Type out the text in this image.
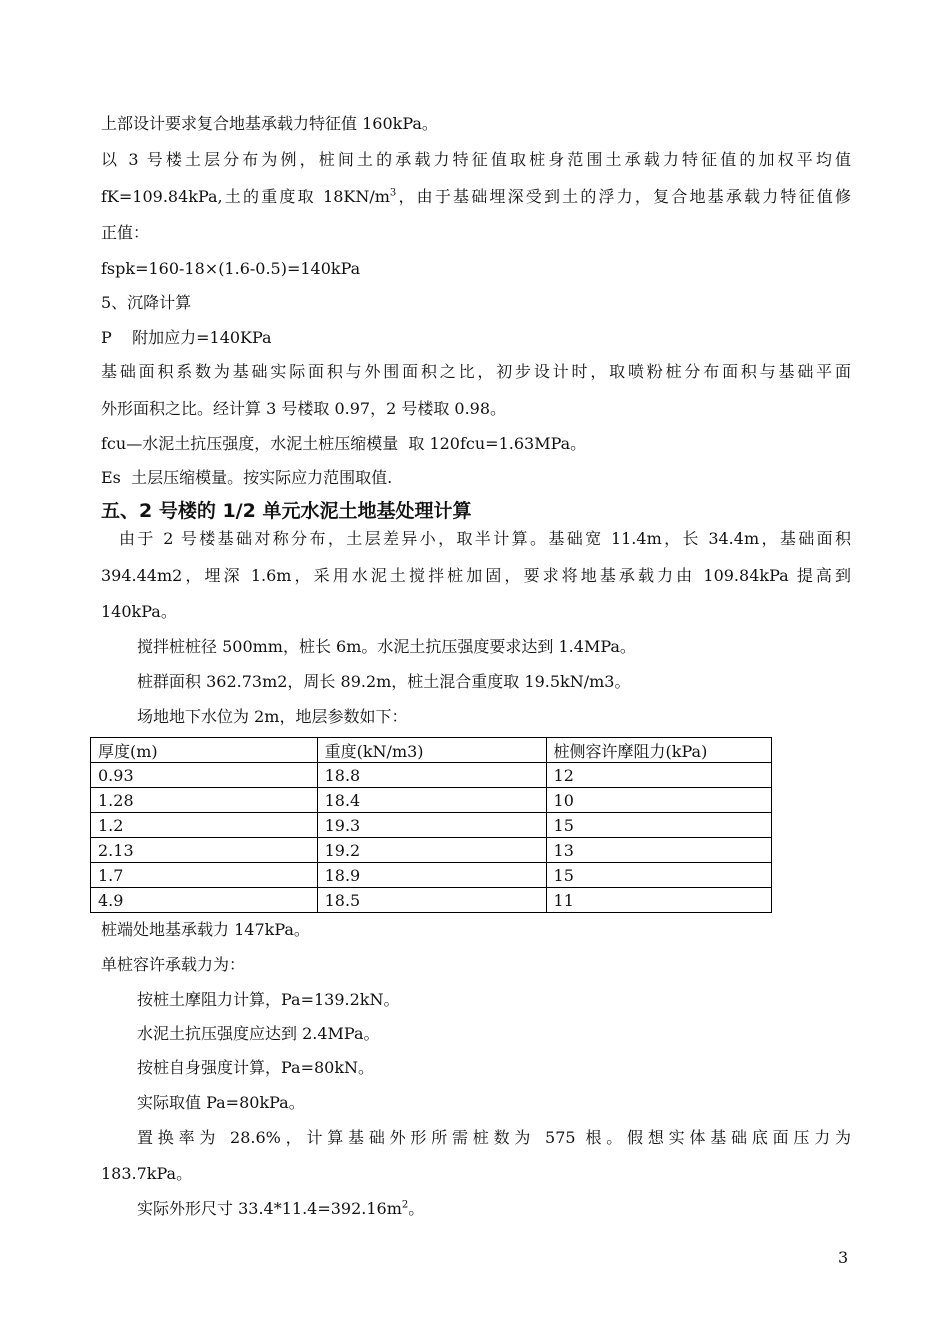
上部设计要求复合地基承载力特征值 160kPa。
以 3 号楼土层分布为例，桩间土的承载力特征值取桩身范围土承载力特征值的加权平均值
fK=109.84kPa,土的重度取 $18KN/m^3$，由于基础埋深受到土的浮力，复合地基承载力特征值修
正值：
fspk=160-18×(1.6-0.5)=140kPa
5、沉降计算
P    附加应力=140KPa
基础面积系数为基础实际面积与外围面积之比，初步设计时，取喷粉桩分布面积与基础平面
外形面积之比。经计算 3 号楼取 0.97，2 号楼取 0.98。
fcu—水泥土抗压强度，水泥土桩压缩模量  取 120fcu=1.63MPa。
Es  土层压缩模量。按实际应力范围取值.
五、2 号楼的 1/2 单元水泥土地基处理计算
由于 2 号楼基础对称分布，土层差异小，取半计算。基础宽 11.4m，长 34.4m，基础面积
394.44m2，埋深 1.6m，采用水泥土搅拌桩加固，要求将地基承载力由 109.84kPa 提高到
140kPa。
搅拌桩桩径 500mm，桩长 6m。水泥土抗压强度要求达到 1.4MPa。
桩群面积 362.73m2，周长 89.2m，桩土混合重度取 19.5kN/m3。
场地地下水位为 2m，地层参数如下：
厚度(m)	重度(kN/m3)	桩侧容许摩阻力(kPa)
0.93	18.8	12
1.28	18.4	10
1.2	19.3	15
2.13	19.2	13
1.7	18.9	15
4.9	18.5	11
桩端处地基承载力 147kPa。
单桩容许承载力为：
按桩土摩阻力计算，Pa=139.2kN。
水泥土抗压强度应达到 2.4MPa。
按桩自身强度计算，Pa=80kN。
实际取值 Pa=80kPa。
置换率为 28.6%，计算基础外形所需桩数为 575 根。假想实体基础底面压力为
183.7kPa。
实际外形尺寸 $33.4*11.4=392.16m^2$。
3
